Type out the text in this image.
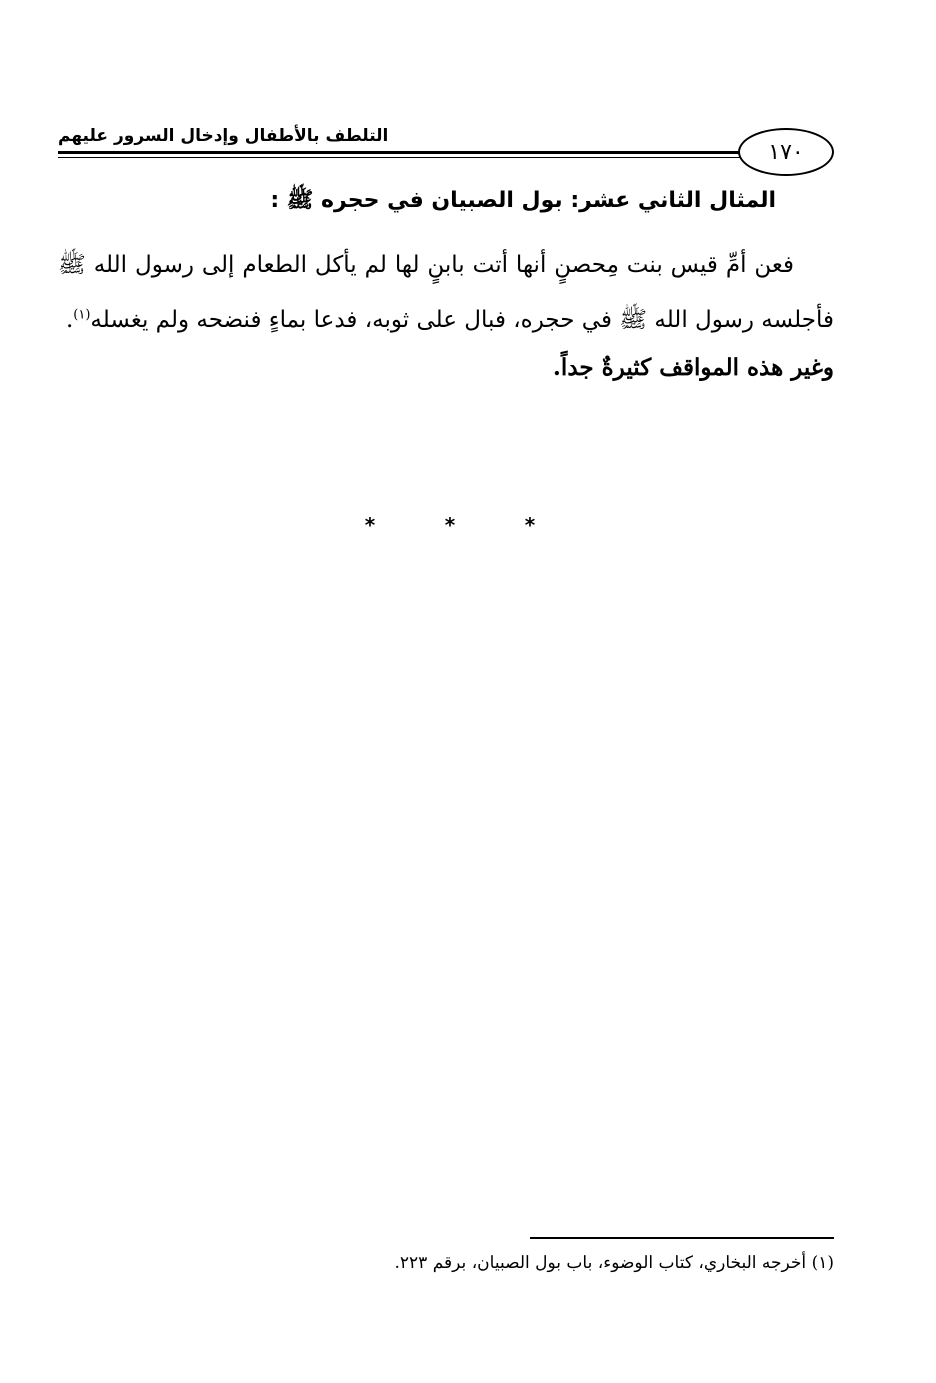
التلطف بالأطفال وإدخال السرور عليهم
١٧٠
المثال الثاني عشر: بول الصبيان في حجره ﷺ :

فعن أمِّ قيس بنت مِحصنٍ أنها أتت بابنٍ لها لم يأكل الطعام إلى رسول الله ﷺ فأجلسه رسول الله ﷺ في حجره، فبال على ثوبه، فدعا بماءٍ فنضحه ولم يغسله$^{(١)}$.

وغير هذه المواقف كثيرةٌ جداً.

*	*	*
(١) أخرجه البخاري، كتاب الوضوء، باب بول الصبيان، برقم ٢٢٣.
